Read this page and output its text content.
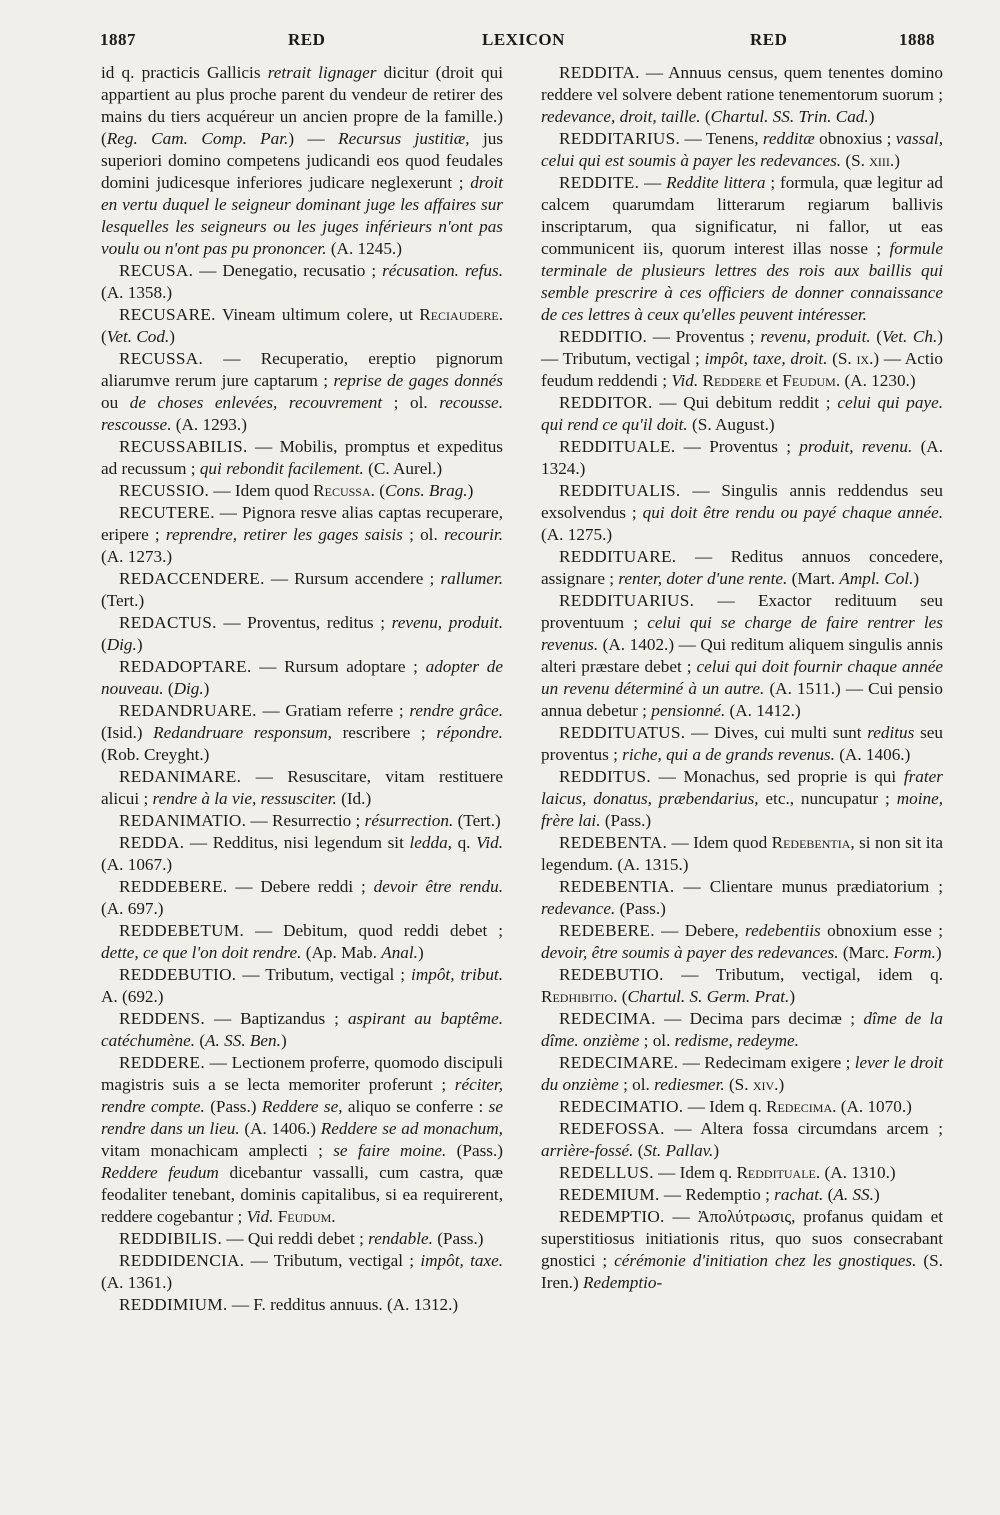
1887	RED	LEXICON	RED	1888

id q. practicis Gallicis retrait lignager dicitur (droit qui appartient au plus proche parent du vendeur de retirer des mains du tiers acquéreur un ancien propre de la famille.) (Reg. Cam. Comp. Par.) — Recursus justitiæ, jus superiori domino competens judicandi eos quod feudales domini judicesque inferiores judicare neglexerunt ; droit en vertu duquel le seigneur dominant juge les affaires sur lesquelles les seigneurs ou les juges inférieurs n'ont pas voulu ou n'ont pas pu prononcer. (A. 1245.)

RECUSA. — Denegatio, recusatio ; récusation. refus. (A. 1358.)

RECUSARE. Vineam ultimum colere, ut Reciaudere. (Vet. Cod.)

RECUSSA. — Recuperatio, ereptio pignorum aliarumve rerum jure captarum ; reprise de gages donnés ou de choses enlevées, recouvrement ; ol. recousse. rescousse. (A. 1293.)

RECUSSABILIS. — Mobilis, promptus et expeditus ad recussum ; qui rebondit facilement. (C. Aurel.)

RECUSSIO. — Idem quod Recussa. (Cons. Brag.)

RECUTERE. — Pignora resve alias captas recuperare, eripere ; reprendre, retirer les gages saisis ; ol. recourir. (A. 1273.)

REDACCENDERE. — Rursum accendere ; rallumer. (Tert.)

REDACTUS. — Proventus, reditus ; revenu, produit. (Dig.)

REDADOPTARE. — Rursum adoptare ; adopter de nouveau. (Dig.)

REDANDRUARE. — Gratiam referre ; rendre grâce. (Isid.) Redandruare responsum, rescribere ; répondre. (Rob. Creyght.)

REDANIMARE. — Resuscitare, vitam restituere alicui ; rendre à la vie, ressusciter. (Id.)

REDANIMATIO. — Resurrectio ; résurrection. (Tert.)

REDDA. — Redditus, nisi legendum sit ledda, q. Vid. (A. 1067.)

REDDEBERE. — Debere reddi ; devoir être rendu. (A. 697.)

REDDEBETUM. — Debitum, quod reddi debet ; dette, ce que l'on doit rendre. (Ap. Mab. Anal.)

REDDEBUTIO. — Tributum, vectigal ; impôt, tribut. A. (692.)

REDDENS. — Baptizandus ; aspirant au baptême. catéchumène. (A. SS. Ben.)

REDDERE. — Lectionem proferre, quomodo discipuli magistris suis a se lecta memoriter proferunt ; réciter, rendre compte. (Pass.) Reddere se, aliquo se conferre : se rendre dans un lieu. (A. 1406.) Reddere se ad monachum, vitam monachicam amplecti ; se faire moine. (Pass.) Reddere feudum dicebantur vassalli, cum castra, quæ feodaliter tenebant, dominis capitalibus, si ea requirerent, reddere cogebantur ; Vid. Feudum.

REDDIBILIS. — Qui reddi debet ; rendable. (Pass.)

REDDIDENCIA. — Tributum, vectigal ; impôt, taxe. (A. 1361.)

REDDIMIUM. — F. redditus annuus. (A. 1312.)

REDDITA. — Annuus census, quem tenentes domino reddere vel solvere debent ratione tenementorum suorum ; redevance, droit, taille. (Chartul. SS. Trin. Cad.)

REDDITARIUS. — Tenens, redditæ obnoxius ; vassal, celui qui est soumis à payer les redevances. (S. xiii.)

REDDITE. — Reddite littera ; formula, quæ legitur ad calcem quarumdam litterarum regiarum ballivis inscriptarum, qua significatur, ni fallor, ut eas communicent iis, quorum interest illas nosse ; formule terminale de plusieurs lettres des rois aux baillis qui semble prescrire à ces officiers de donner connaissance de ces lettres à ceux qu'elles peuvent intéresser.

REDDITIO. — Proventus ; revenu, produit. (Vet. Ch.) — Tributum, vectigal ; impôt, taxe, droit. (S. ix.) — Actio feudum reddendi ; Vid. Reddere et Feudum. (A. 1230.)

REDDITOR. — Qui debitum reddit ; celui qui paye. qui rend ce qu'il doit. (S. August.)

REDDITUALE. — Proventus ; produit, revenu. (A. 1324.)

REDDITUALIS. — Singulis annis reddendus seu exsolvendus ; qui doit être rendu ou payé chaque année. (A. 1275.)

REDDITUARE. — Reditus annuos concedere, assignare ; renter, doter d'une rente. (Mart. Ampl. Col.)

REDDITUARIUS. — Exactor redituum seu proventuum ; celui qui se charge de faire rentrer les revenus. (A. 1402.) — Qui reditum aliquem singulis annis alteri præstare debet ; celui qui doit fournir chaque année un revenu déterminé à un autre. (A. 1511.) — Cui pensio annua debetur ; pensionné. (A. 1412.)

REDDITUATUS. — Dives, cui multi sunt reditus seu proventus ; riche, qui a de grands revenus. (A. 1406.)

REDDITUS. — Monachus, sed proprie is qui frater laicus, donatus, præbendarius, etc., nuncupatur ; moine, frère lai. (Pass.)

REDEBENTA. — Idem quod Redebentia, si non sit ita legendum. (A. 1315.)

REDEBENTIA. — Clientare munus prædiatorium ; redevance. (Pass.)

REDEBERE. — Debere, redebentiis obnoxium esse ; devoir, être soumis à payer des redevances. (Marc. Form.)

REDEBUTIO. — Tributum, vectigal, idem q. Redhibitio. (Chartul. S. Germ. Prat.)

REDECIMA. — Decima pars decimæ ; dîme de la dîme. onzième ; ol. redisme, redeyme.

REDECIMARE. — Redecimam exigere ; lever le droit du onzième ; ol. rediesmer. (S. xiv.)

REDECIMATIO. — Idem q. Redecima. (A. 1070.)

REDEFOSSA. — Altera fossa circumdans arcem ; arrière-fossé. (St. Pallav.)

REDELLUS. — Idem q. Reddituale. (A. 1310.)

REDEMIUM. — Redemptio ; rachat. (A. SS.)

REDEMPTIO. — Ἀπολύτρωσις, profanus quidam et superstitiosus initiationis ritus, quo suos consecrabant gnostici ; cérémonie d'initiation chez les gnostiques. (S. Iren.) Redemptio-
